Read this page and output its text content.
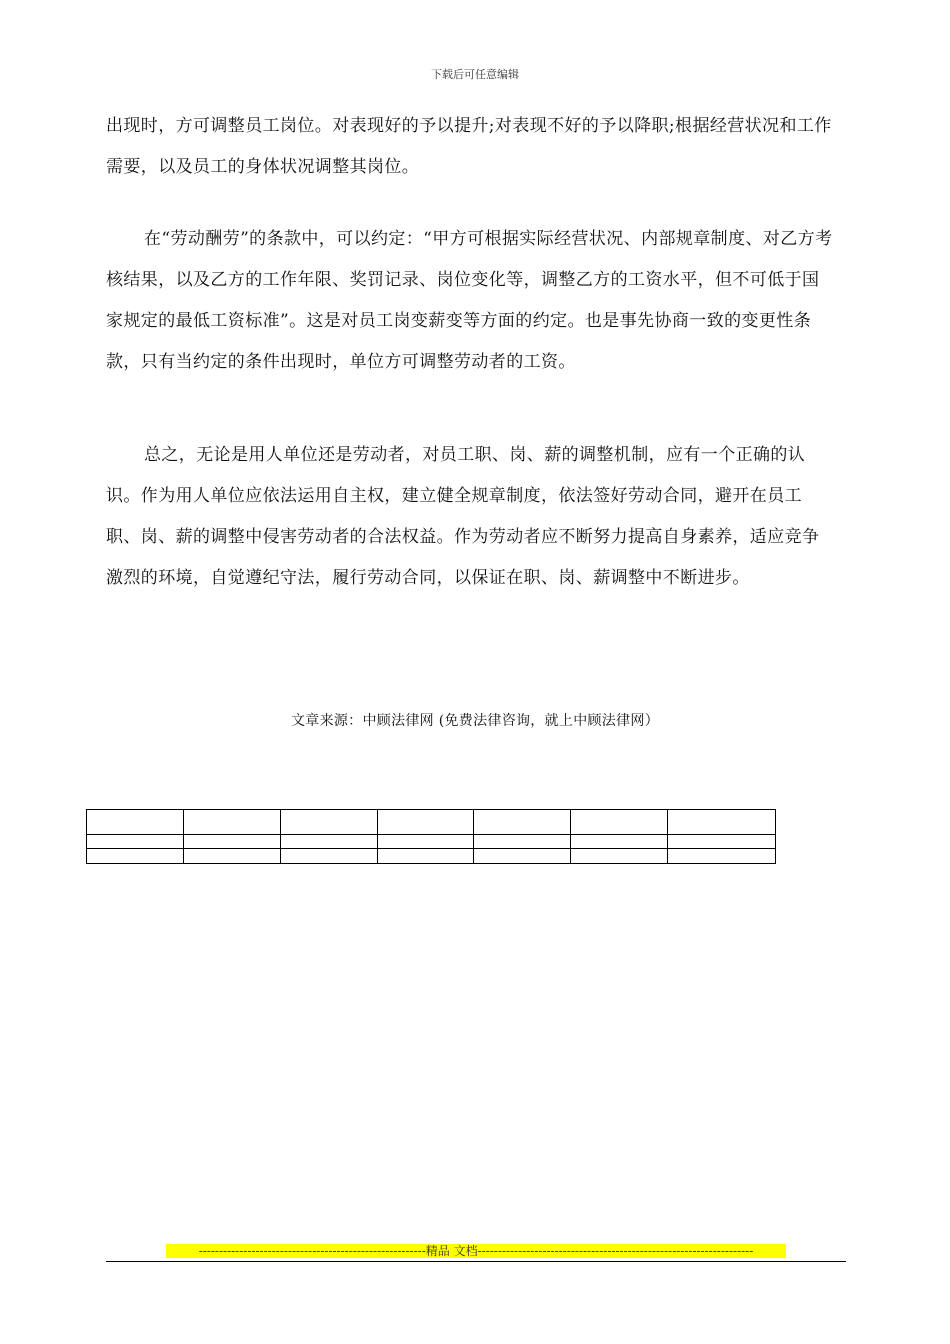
下载后可任意编辑

出现时，方可调整员工岗位。对表现好的予以提升;对表现不好的予以降职;根据经营状况和工作需要，以及员工的身体状况调整其岗位。

在“劳动酬劳”的条款中，可以约定：“甲方可根据实际经营状况、内部规章制度、对乙方考核结果，以及乙方的工作年限、奖罚记录、岗位变化等，调整乙方的工资水平，但不可低于国家规定的最低工资标准”。这是对员工岗变薪变等方面的约定。也是事先协商一致的变更性条款，只有当约定的条件出现时，单位方可调整劳动者的工资。

总之，无论是用人单位还是劳动者，对员工职、岗、薪的调整机制，应有一个正确的认识。作为用人单位应依法运用自主权，建立健全规章制度，依法签好劳动合同，避开在员工职、岗、薪的调整中侵害劳动者的合法权益。作为劳动者应不断努力提高自身素养，适应竞争激烈的环境，自觉遵纪守法，履行劳动合同，以保证在职、岗、薪调整中不断进步。

文章来源：中顾法律网 (免费法律咨询，就上中顾法律网）

--------------------------------------------------------精品 文档--------------------------------------------------------------------
